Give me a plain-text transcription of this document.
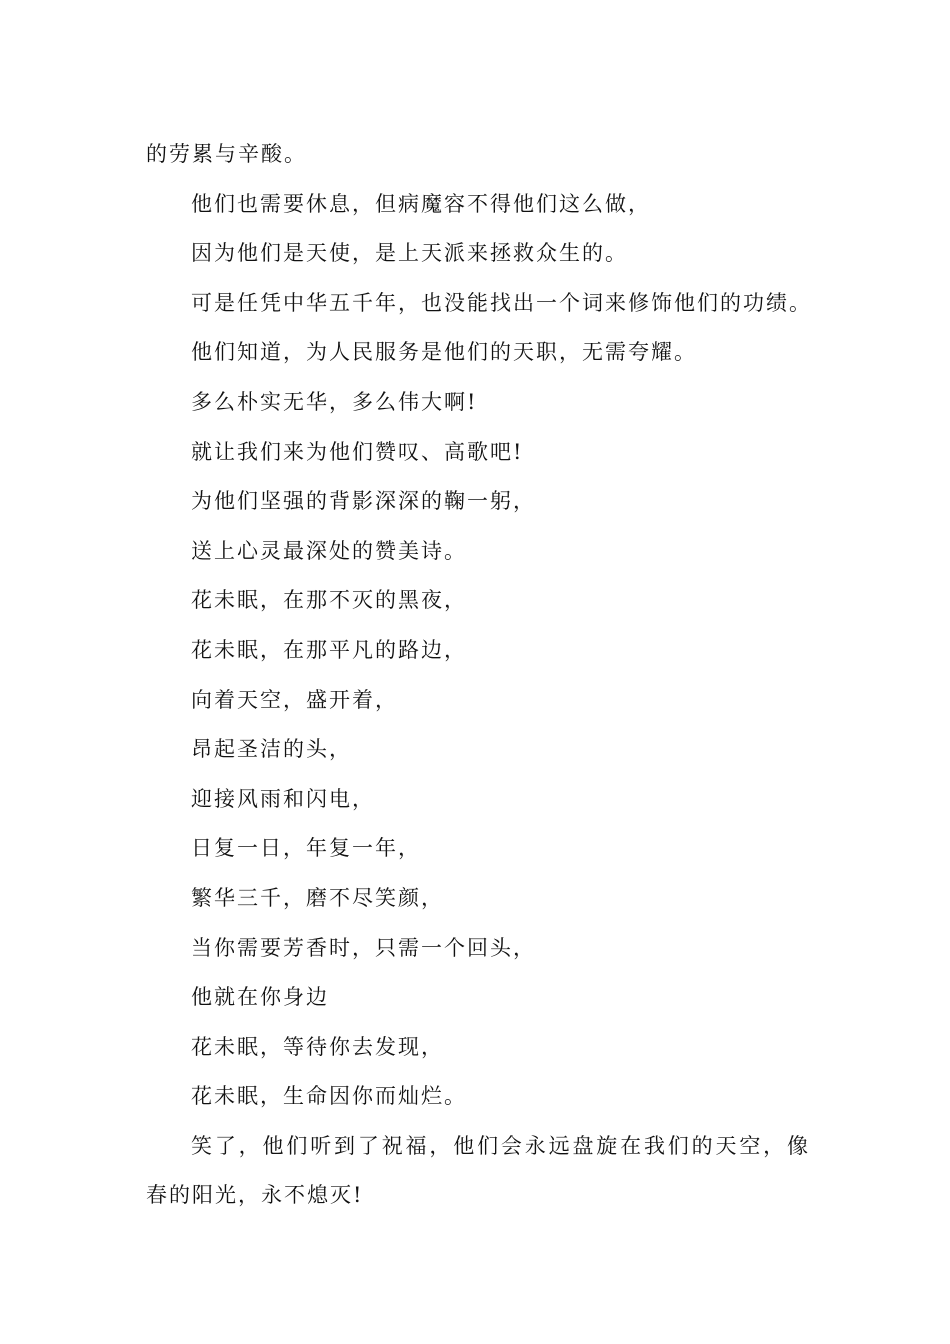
的劳累与辛酸。
他们也需要休息，但病魔容不得他们这么做，
因为他们是天使，是上天派来拯救众生的。
可是任凭中华五千年，也没能找出一个词来修饰他们的功绩。
他们知道，为人民服务是他们的天职，无需夸耀。
多么朴实无华，多么伟大啊!
就让我们来为他们赞叹、高歌吧!
为他们坚强的背影深深的鞠一躬，
送上心灵最深处的赞美诗。
花未眠，在那不灭的黑夜，
花未眠，在那平凡的路边，
向着天空，盛开着，
昂起圣洁的头，
迎接风雨和闪电，
日复一日，年复一年，
繁华三千，磨不尽笑颜，
当你需要芳香时，只需一个回头，
他就在你身边
花未眠，等待你去发现，
花未眠，生命因你而灿烂。
笑了，他们听到了祝福，他们会永远盘旋在我们的天空，像春的阳光，永不熄灭!
